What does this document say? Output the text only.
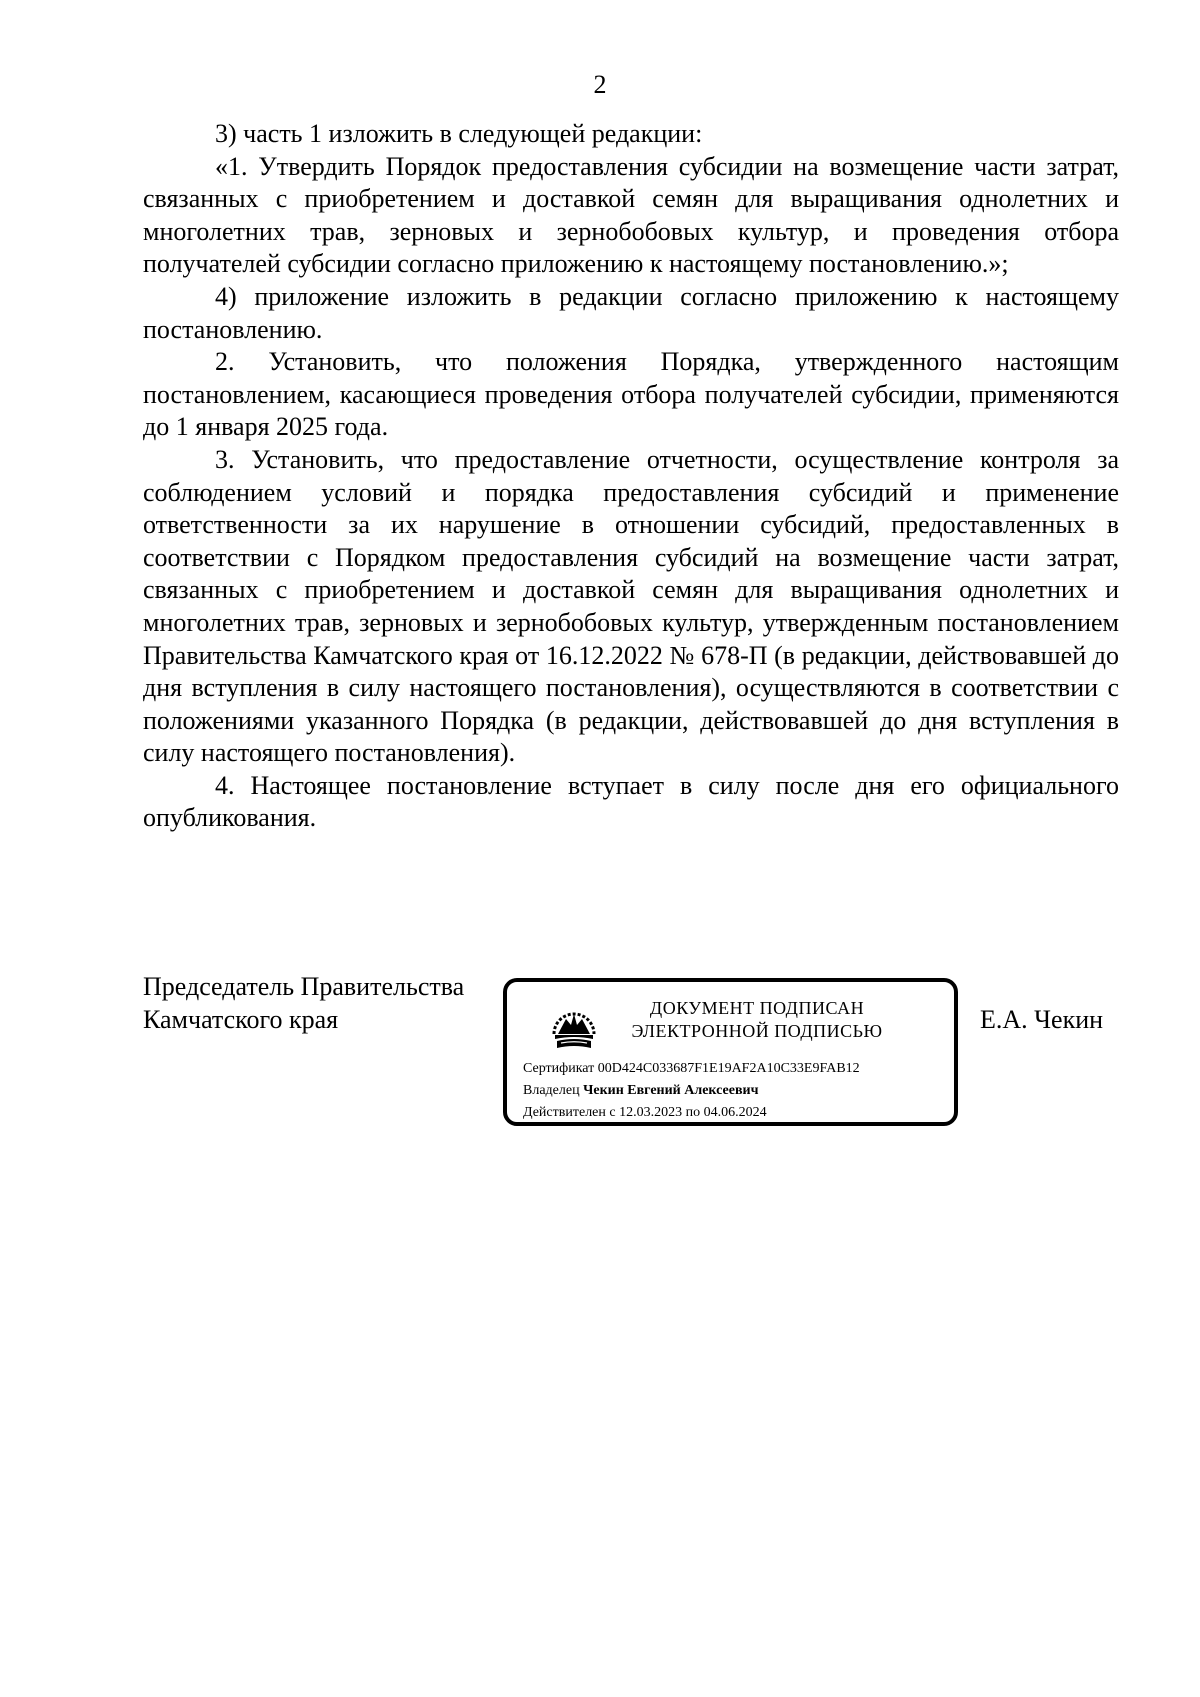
2

3) часть 1 изложить в следующей редакции:

«1. Утвердить Порядок предоставления субсидии на возмещение части затрат, связанных с приобретением и доставкой семян для выращивания однолетних и многолетних трав, зерновых и зернобобовых культур, и проведения отбора получателей субсидии согласно приложению к настоящему постановлению.»;

4) приложение изложить в редакции согласно приложению к настоящему постановлению.

2. Установить, что положения Порядка, утвержденного настоящим постановлением, касающиеся проведения отбора получателей субсидии, применяются до 1 января 2025 года.

3. Установить, что предоставление отчетности, осуществление контроля за соблюдением условий и порядка предоставления субсидий и применение ответственности за их нарушение в отношении субсидий, предоставленных в соответствии с Порядком предоставления субсидий на возмещение части затрат, связанных с приобретением и доставкой семян для выращивания однолетних и многолетних трав, зерновых и зернобобовых культур, утвержденным постановлением Правительства Камчатского края от 16.12.2022 № 678-П (в редакции, действовавшей до дня вступления в силу настоящего постановления), осуществляются в соответствии с положениями указанного Порядка (в редакции, действовавшей до дня вступления в силу настоящего постановления).

4. Настоящее постановление вступает в силу после дня его официального опубликования.

Председатель Правительства
Камчатского края	ДОКУМЕНТ ПОДПИСАН
ЭЛЕКТРОННОЙ ПОДПИСЬЮ
Сертификат 00D424C033687F1E19AF2A10C33E9FAB12
Владелец Чекин Евгений Алексеевич
Действителен с 12.03.2023 по 04.06.2024
Е.А. Чекин
